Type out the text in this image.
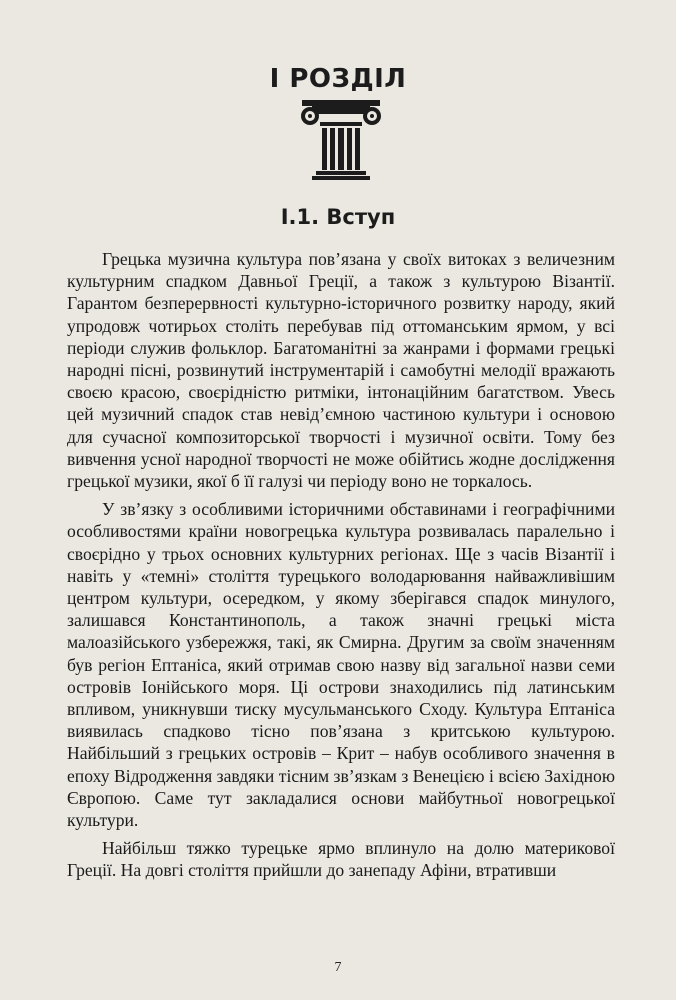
І РОЗДІЛ
І.1. Вступ

Грецька музична культура пов’язана у своїх витоках з величезним культурним спадком Давньої Греції, а також з культурою Візантії. Гарантом безперервності культурно-історичного розвитку народу, який упродовж чотирьох століть перебував під оттоманським ярмом, у всі періоди служив фольклор. Багатоманітні за жанрами і формами грецькі народні пісні, розвинутий інструментарій і самобутні мелодії вражають своєю красою, своєрідністю ритміки, інтонаційним багатством. Увесь цей музичний спадок став невід’ємною частиною культури і основою для сучасної композиторської творчості і музичної освіти. Тому без вивчення усної народної творчості не може обійтись жодне дослідження грецької музики, якої б її галузі чи періоду воно не торкалось.

У зв’язку з особливими історичними обставинами і географічними особливостями країни новогрецька культура розвивалась паралельно і своєрідно у трьох основних культурних регіонах. Ще з часів Візантії і навіть у «темні» століття турецького володарювання найважливішим центром культури, осередком, у якому зберігався спадок минулого, залишався Константинополь, а також значні грецькі міста малоазійського узбережжя, такі, як Смирна. Другим за своїм значенням був регіон Ептаніса, який отримав свою назву від загальної назви семи островів Іонійського моря. Ці острови знаходились під латинським впливом, уникнувши тиску мусульманського Сходу. Культура Ептаніса виявилась спадково тісно пов’язана з критською культурою. Найбільший з грецьких островів – Крит – набув особливого значення в епоху Відродження завдяки тісним зв’язкам з Венецією і всією Західною Європою. Саме тут закладалися основи майбутньої новогрецької культури.

Найбільш тяжко турецьке ярмо вплинуло на долю материкової Греції. На довгі століття прийшли до занепаду Афіни, втративши

7
